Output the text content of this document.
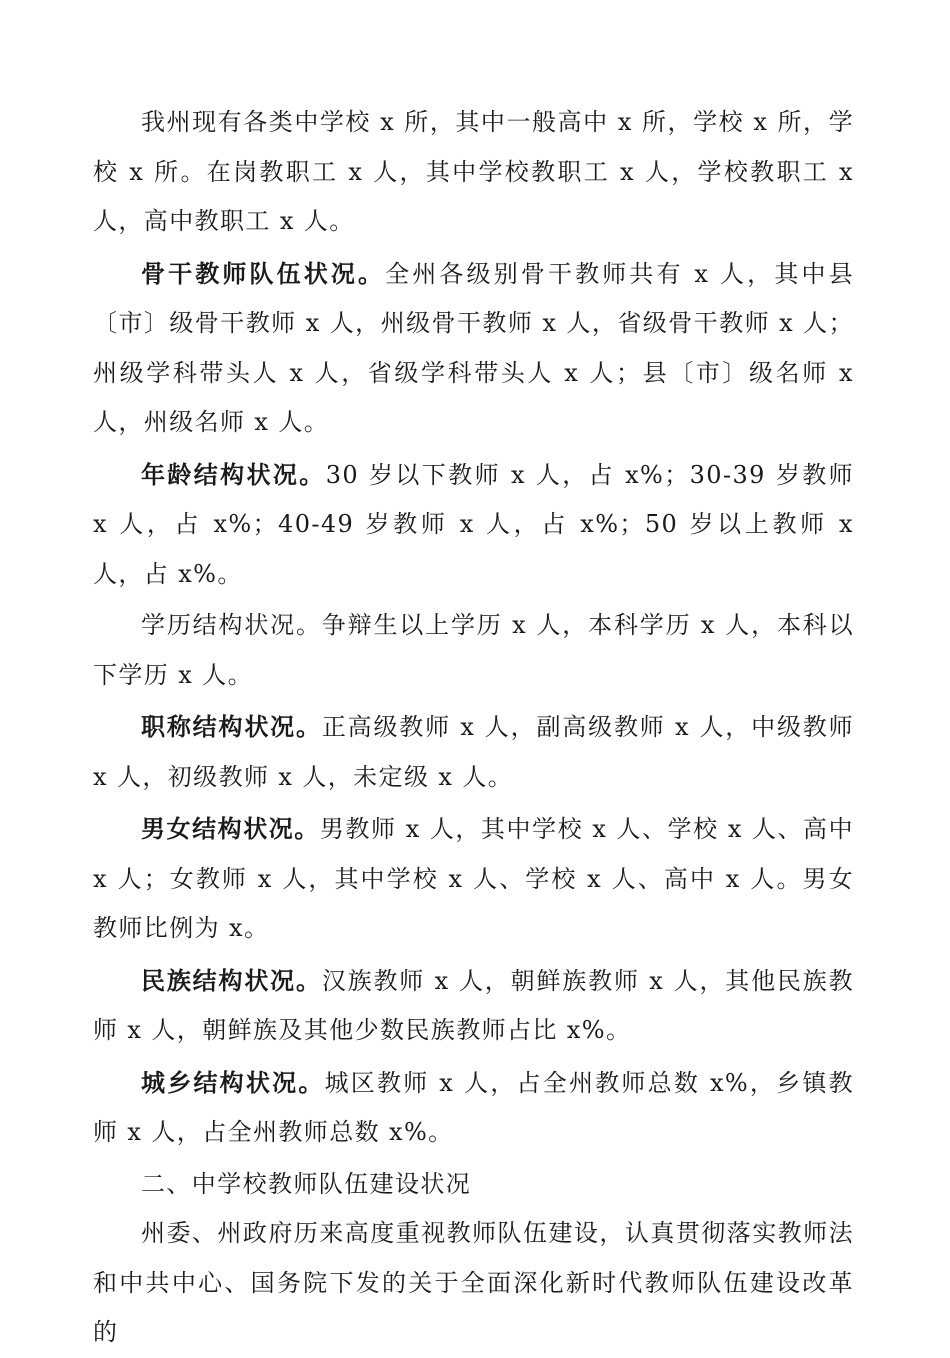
我州现有各类中学校 x 所，其中一般高中 x 所，学校 x 所，学校 x 所。在岗教职工 x 人，其中学校教职工 x 人，学校教职工 x 人，高中教职工 x 人。

骨干教师队伍状况。全州各级别骨干教师共有 x 人，其中县〔市〕级骨干教师 x 人，州级骨干教师 x 人，省级骨干教师 x 人；州级学科带头人 x 人，省级学科带头人 x 人；县〔市〕级名师 x 人，州级名师 x 人。

年龄结构状况。30 岁以下教师 x 人，占 x%；30-39 岁教师 x 人，占 x%；40-49 岁教师 x 人，占 x%；50 岁以上教师 x 人，占 x%。

学历结构状况。争辩生以上学历 x 人，本科学历 x 人，本科以下学历 x 人。

职称结构状况。正高级教师 x 人，副高级教师 x 人，中级教师 x 人，初级教师 x 人，未定级 x 人。

男女结构状况。男教师 x 人，其中学校 x 人、学校 x 人、高中 x 人；女教师 x 人，其中学校 x 人、学校 x 人、高中 x 人。男女教师比例为 x。

民族结构状况。汉族教师 x 人，朝鲜族教师 x 人，其他民族教师 x 人，朝鲜族及其他少数民族教师占比 x%。

城乡结构状况。城区教师 x 人，占全州教师总数 x%，乡镇教师 x 人，占全州教师总数 x%。

二、中学校教师队伍建设状况

州委、州政府历来高度重视教师队伍建设，认真贯彻落实教师法和中共中心、国务院下发的关于全面深化新时代教师队伍建设改革的
